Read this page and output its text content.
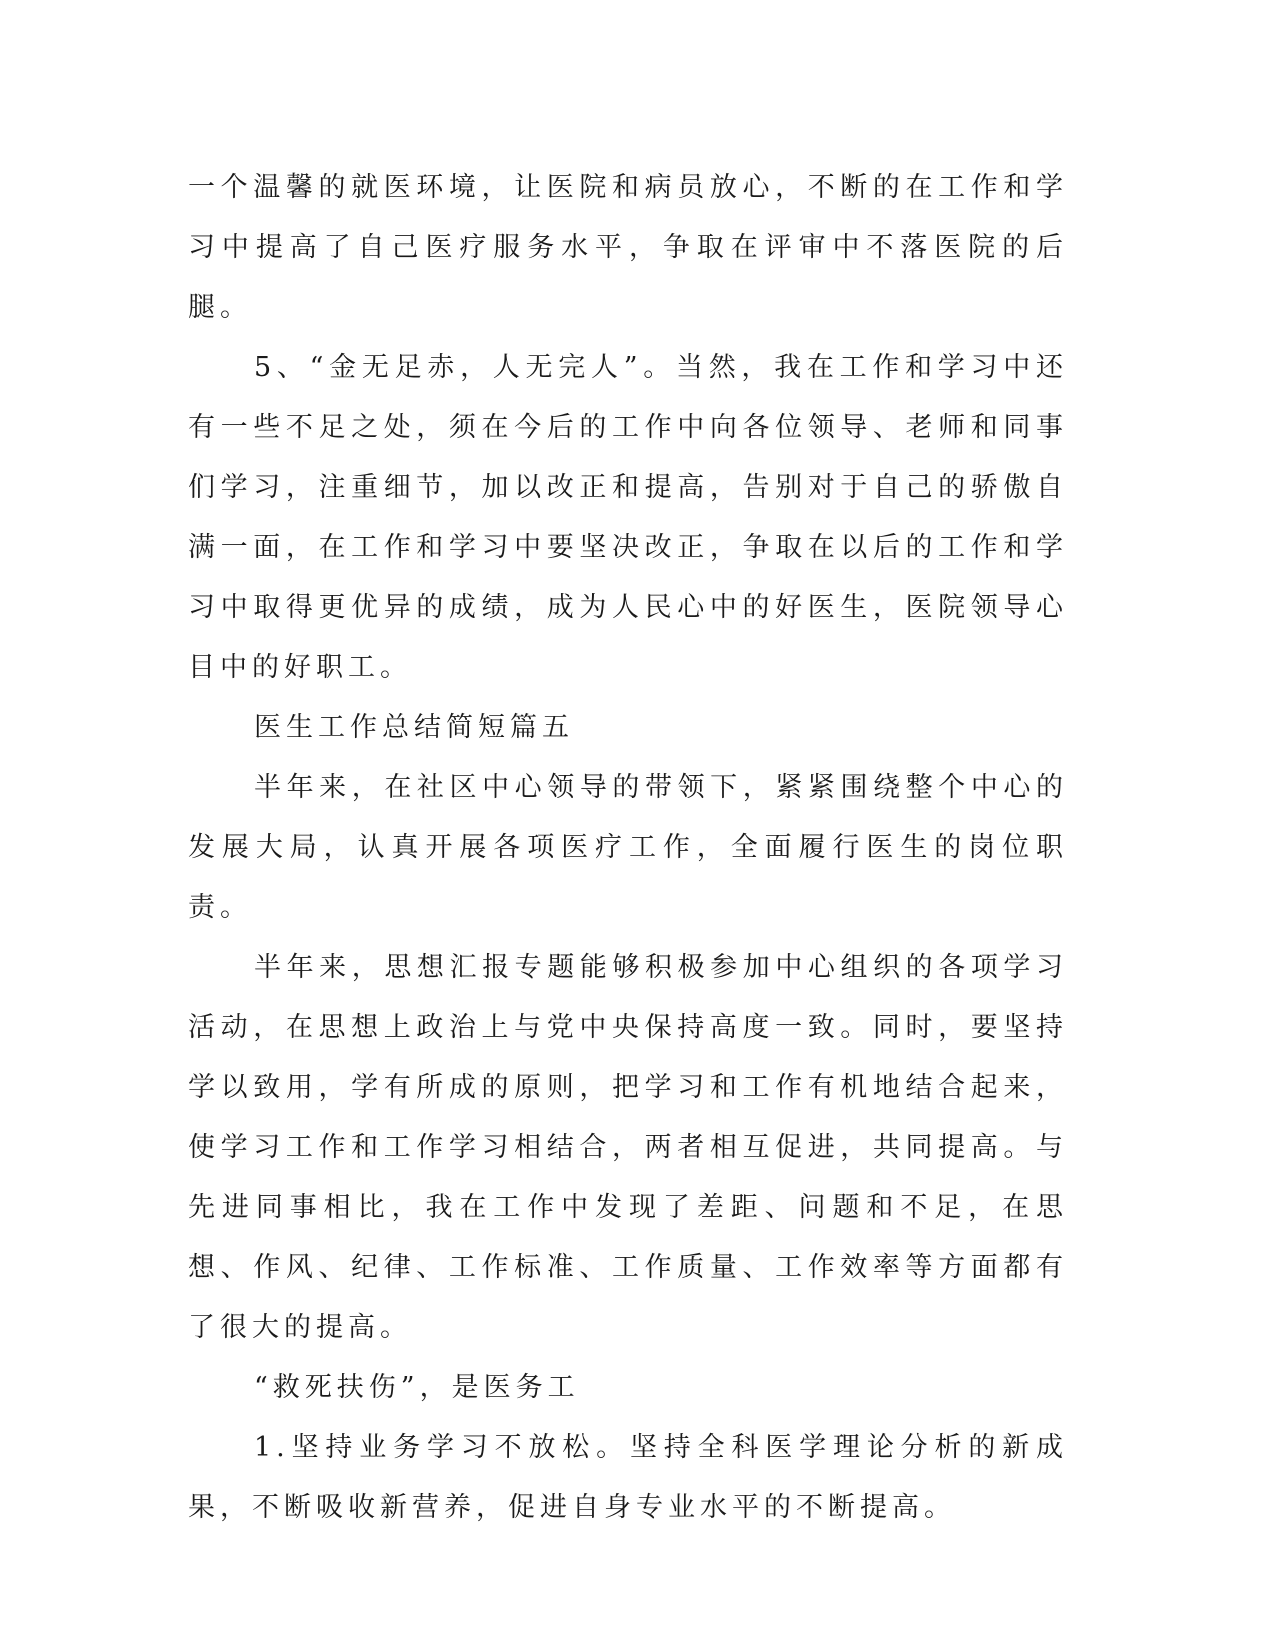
一个温馨的就医环境，让医院和病员放心，不断的在工作和学习中提高了自己医疗服务水平，争取在评审中不落医院的后腿。

5、“金无足赤，人无完人”。当然，我在工作和学习中还有一些不足之处，须在今后的工作中向各位领导、老师和同事们学习，注重细节，加以改正和提高，告别对于自己的骄傲自满一面，在工作和学习中要坚决改正，争取在以后的工作和学习中取得更优异的成绩，成为人民心中的好医生，医院领导心目中的好职工。

医生工作总结简短篇五

半年来，在社区中心领导的带领下，紧紧围绕整个中心的发展大局，认真开展各项医疗工作，全面履行医生的岗位职责。

半年来，思想汇报专题能够积极参加中心组织的各项学习活动，在思想上政治上与党中央保持高度一致。同时，要坚持学以致用，学有所成的原则，把学习和工作有机地结合起来，使学习工作和工作学习相结合，两者相互促进，共同提高。与先进同事相比，我在工作中发现了差距、问题和不足，在思想、作风、纪律、工作标准、工作质量、工作效率等方面都有了很大的提高。

“救死扶伤”，是医务工

1.坚持业务学习不放松。坚持全科医学理论分析的新成果，不断吸收新营养，促进自身专业水平的不断提高。
